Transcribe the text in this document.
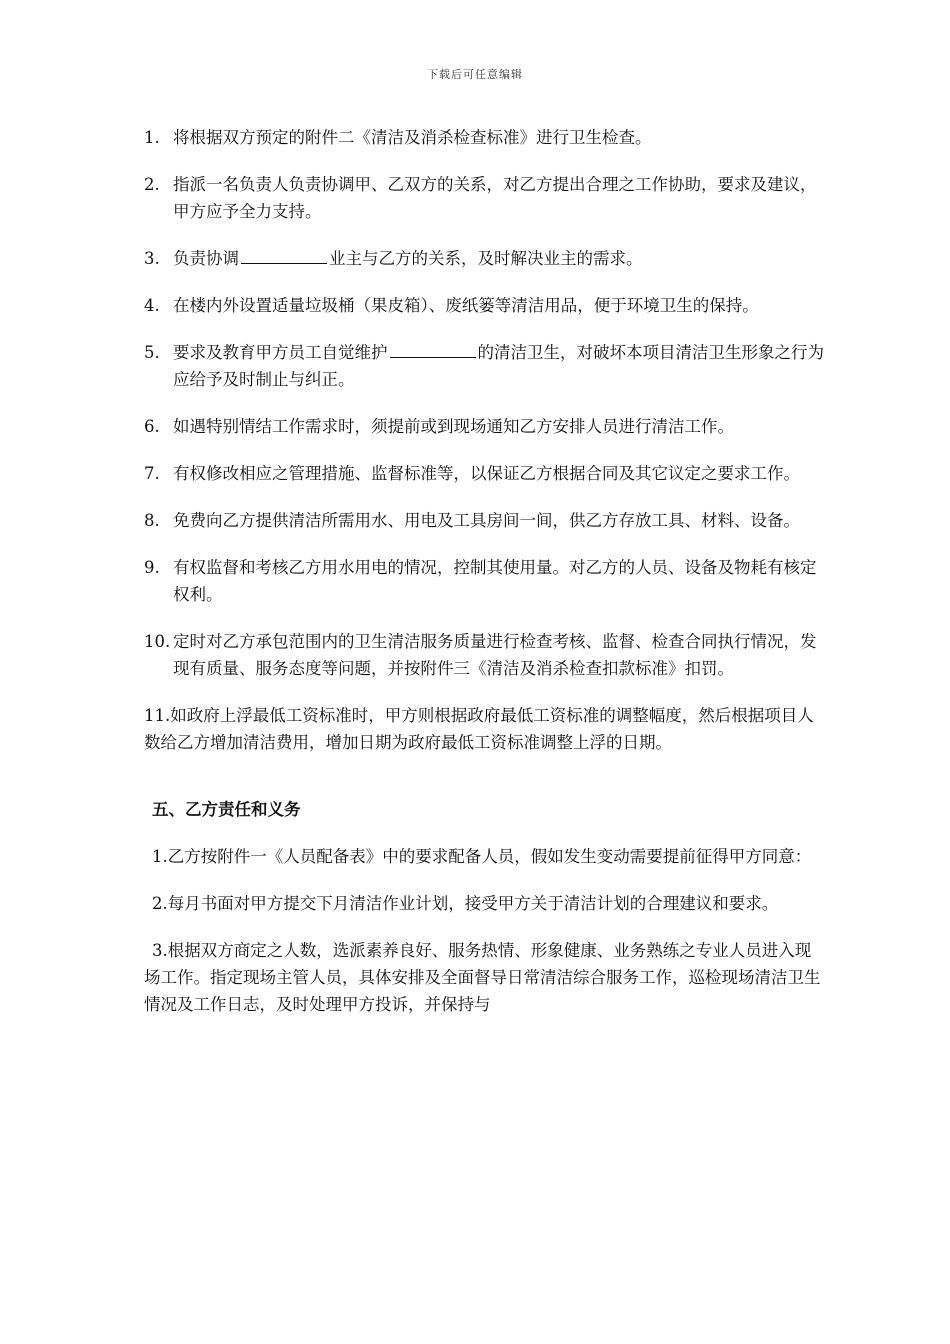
下载后可任意编辑
1. 将根据双方预定的附件二《清洁及消杀检查标准》进行卫生检查。
2. 指派一名负责人负责协调甲、乙双方的关系，对乙方提出合理之工作协助，要求及建议，甲方应予全力支持。
3. 负责协调	业主与乙方的关系，及时解决业主的需求。
4. 在楼内外设置适量垃圾桶（果皮箱）、废纸篓等清洁用品，便于环境卫生的保持。
5. 要求及教育甲方员工自觉维护	的清洁卫生，对破坏本项目清洁卫生形象之行为应给予及时制止与纠正。
6. 如遇特别情结工作需求时，须提前或到现场通知乙方安排人员进行清洁工作。
7. 有权修改相应之管理措施、监督标准等，以保证乙方根据合同及其它议定之要求工作。
8. 免费向乙方提供清洁所需用水、用电及工具房间一间，供乙方存放工具、材料、设备。
9. 有权监督和考核乙方用水用电的情况，控制其使用量。对乙方的人员、设备及物耗有核定权利。
10. 定时对乙方承包范围内的卫生清洁服务质量进行检查考核、监督、检查合同执行情况，发现有质量、服务态度等问题，并按附件三《清洁及消杀检查扣款标准》扣罚。
11.如政府上浮最低工资标准时，甲方则根据政府最低工资标准的调整幅度，然后根据项目人数给乙方增加清洁费用，增加日期为政府最低工资标准调整上浮的日期。
五、乙方责任和义务
1.乙方按附件一《人员配备表》中的要求配备人员，假如发生变动需要提前征得甲方同意：
2.每月书面对甲方提交下月清洁作业计划，接受甲方关于清洁计划的合理建议和要求。
3.根据双方商定之人数，选派素养良好、服务热情、形象健康、业务熟练之专业人员进入现场工作。指定现场主管人员，具体安排及全面督导日常清洁综合服务工作，巡检现场清洁卫生情况及工作日志，及时处理甲方投诉，并保持与
